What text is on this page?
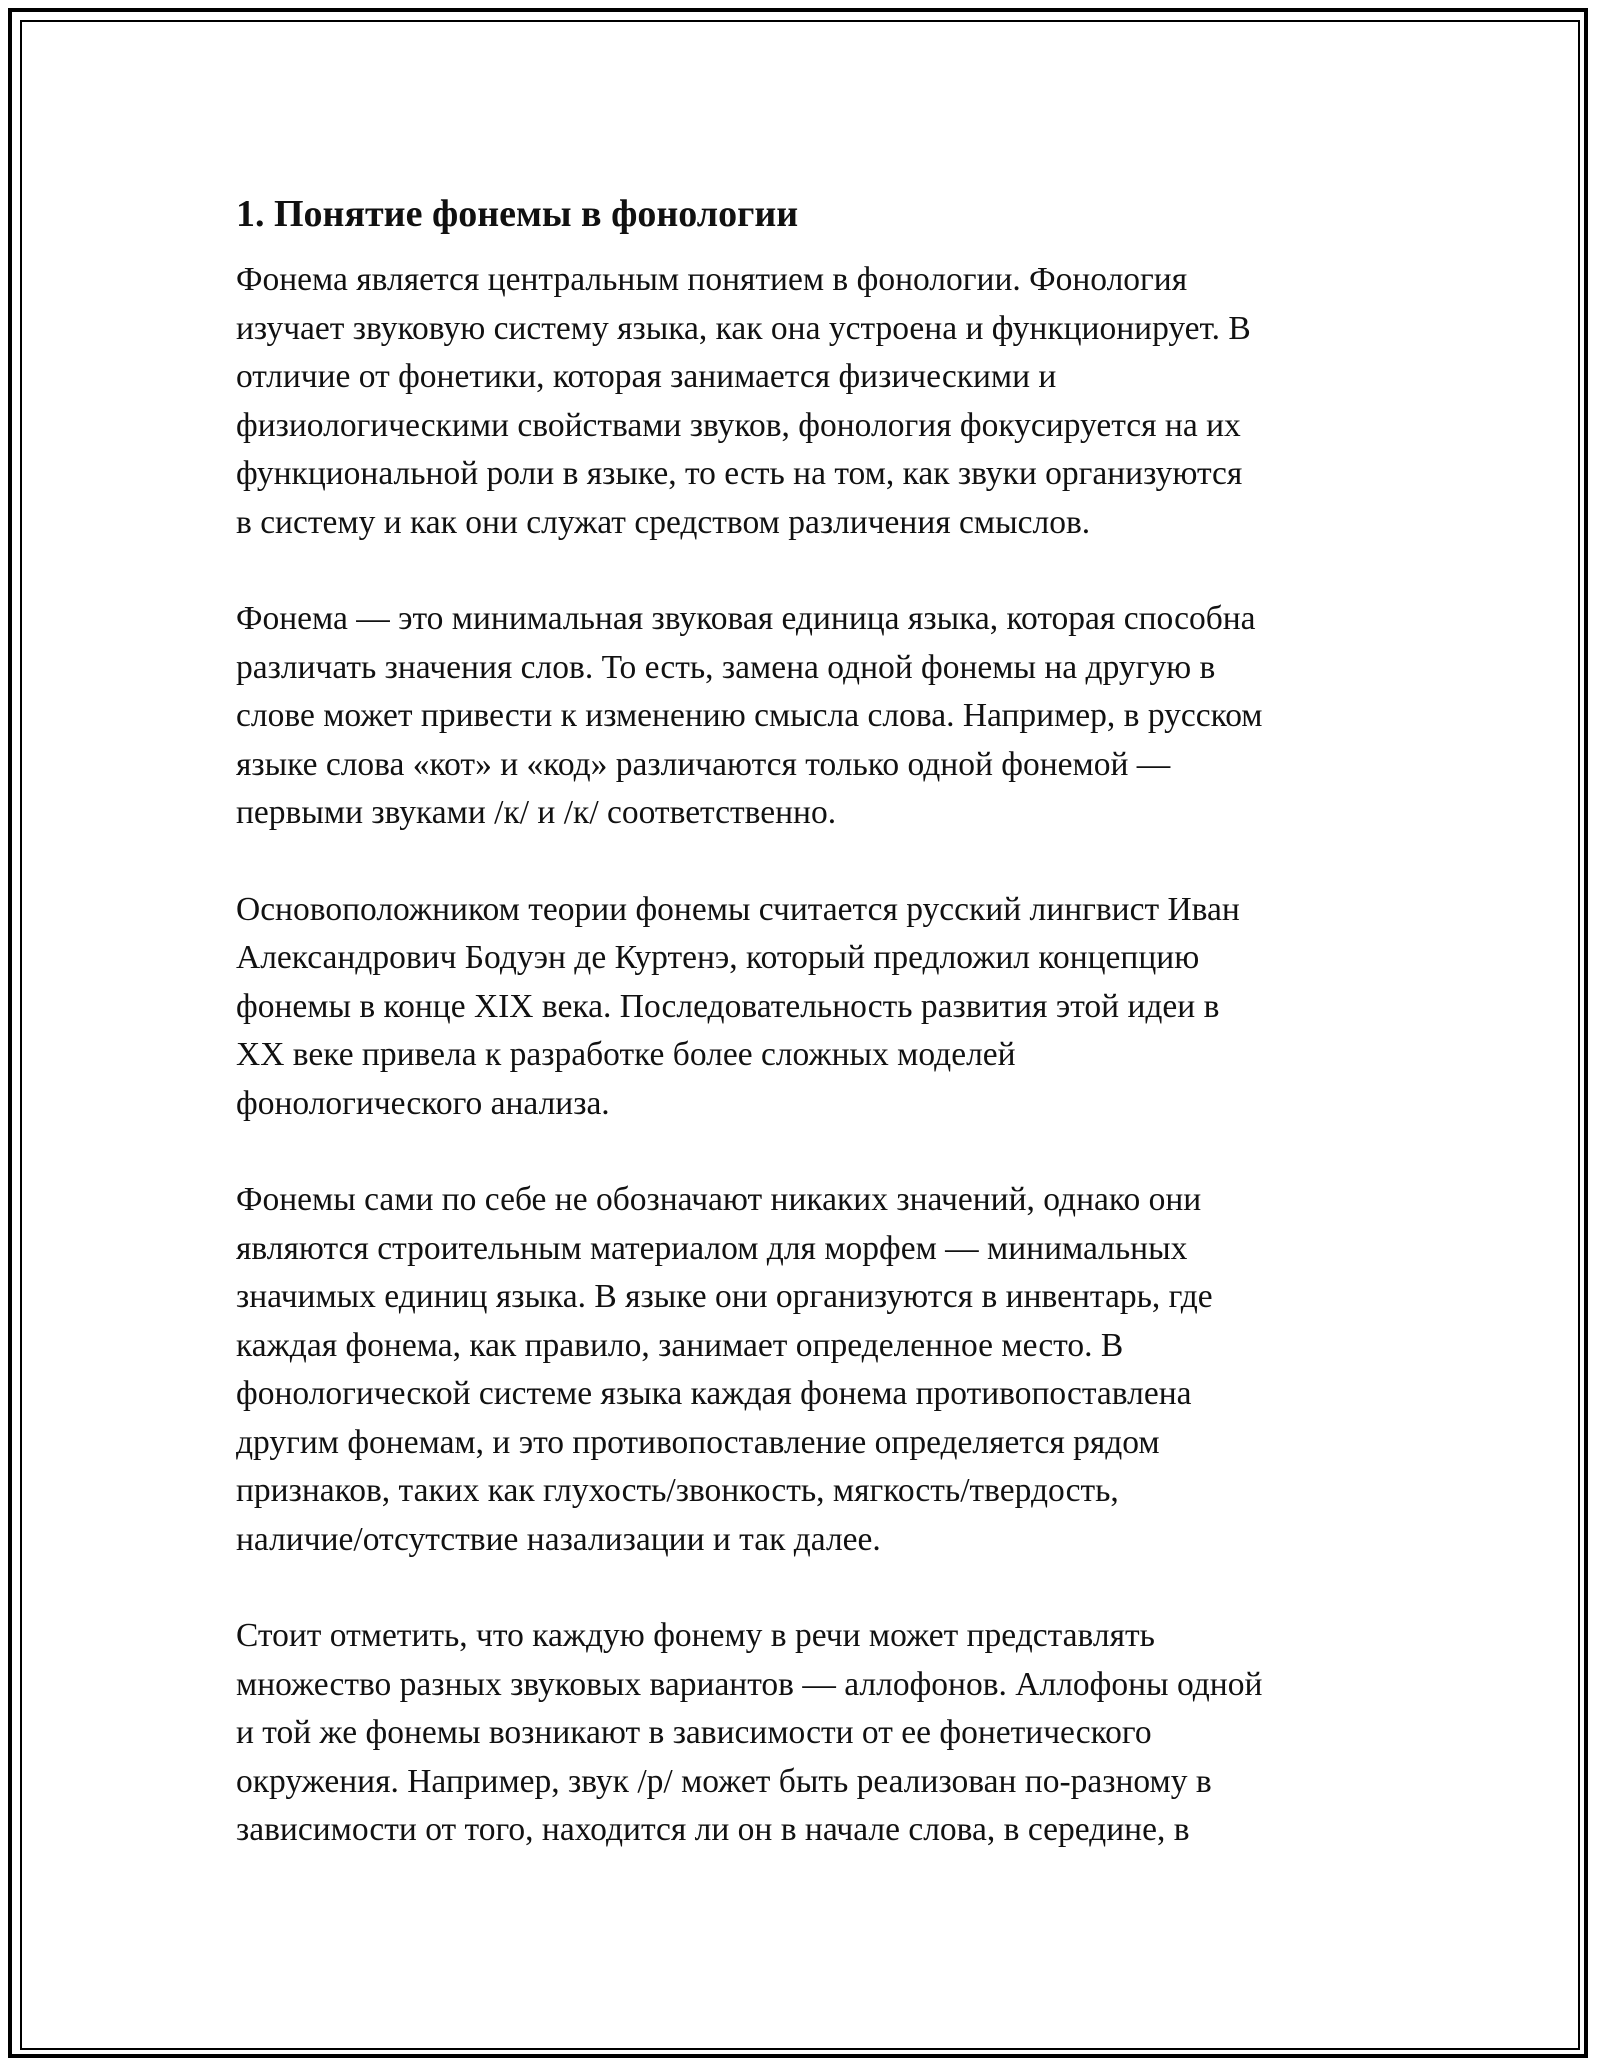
1. Понятие фонемы в фонологии
Фонема является центральным понятием в фонологии. Фонология
изучает звуковую систему языка, как она устроена и функционирует. В
отличие от фонетики, которая занимается физическими и
физиологическими свойствами звуков, фонология фокусируется на их
функциональной роли в языке, то есть на том, как звуки организуются
в систему и как они служат средством различения смыслов.
Фонема — это минимальная звуковая единица языка, которая способна
различать значения слов. То есть, замена одной фонемы на другую в
слове может привести к изменению смысла слова. Например, в русском
языке слова «кот» и «код» различаются только одной фонемой —
первыми звуками /к/ и /к/ соответственно.
Основоположником теории фонемы считается русский лингвист Иван
Александрович Бодуэн де Куртенэ, который предложил концепцию
фонемы в конце XIX века. Последовательность развития этой идеи в
XX веке привела к разработке более сложных моделей
фонологического анализа.
Фонемы сами по себе не обозначают никаких значений, однако они
являются строительным материалом для морфем — минимальных
значимых единиц языка. В языке они организуются в инвентарь, где
каждая фонема, как правило, занимает определенное место. В
фонологической системе языка каждая фонема противопоставлена
другим фонемам, и это противопоставление определяется рядом
признаков, таких как глухость/звонкость, мягкость/твердость,
наличие/отсутствие назализации и так далее.
Стоит отметить, что каждую фонему в речи может представлять
множество разных звуковых вариантов — аллофонов. Аллофоны одной
и той же фонемы возникают в зависимости от ее фонетического
окружения. Например, звук /р/ может быть реализован по-разному в
зависимости от того, находится ли он в начале слова, в середине, в
